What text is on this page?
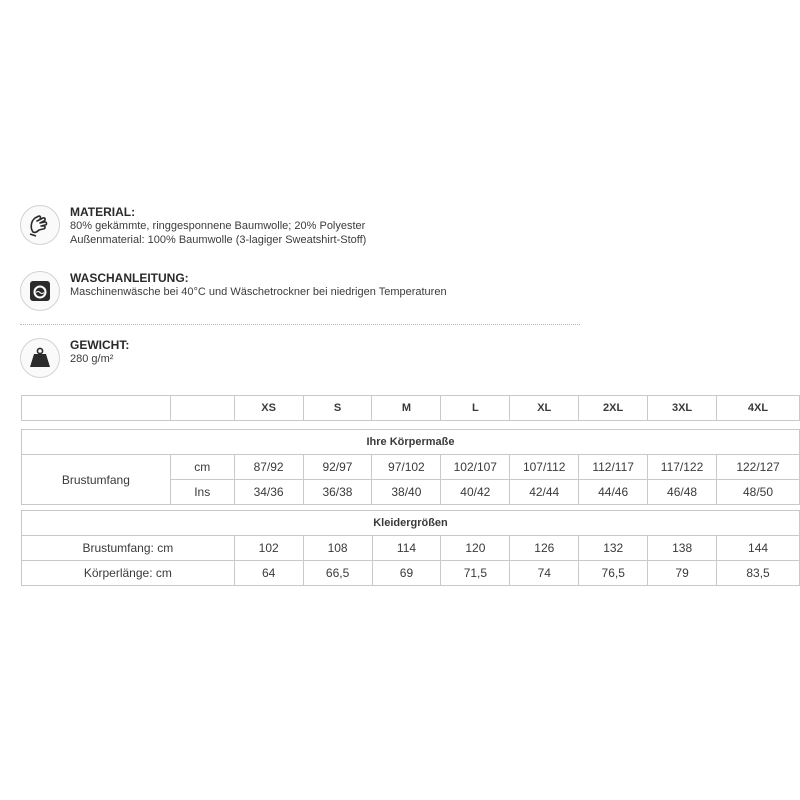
MATERIAL:
80% gekämmte, ringgesponnene Baumwolle; 20% Polyester
Außenmaterial: 100% Baumwolle (3-lagiger Sweatshirt-Stoff)
WASCHANLEITUNG:
Maschinenwäsche bei 40°C und Wäschetrockner bei niedrigen Temperaturen
GEWICHT:
280 g/m²
		XS	S	M	L	XL	2XL	3XL	4XL
Ihre Körpermaße									
Brustumfang	cm	87/92	92/97	97/102	102/107	107/112	112/117	117/122	122/127
	Ins	34/36	36/38	38/40	40/42	42/44	44/46	46/48	48/50
Kleidergrößen								
Brustumfang: cm	102	108	114	120	126	132	138	144
Körperlänge: cm	64	66,5	69	71,5	74	76,5	79	83,5
